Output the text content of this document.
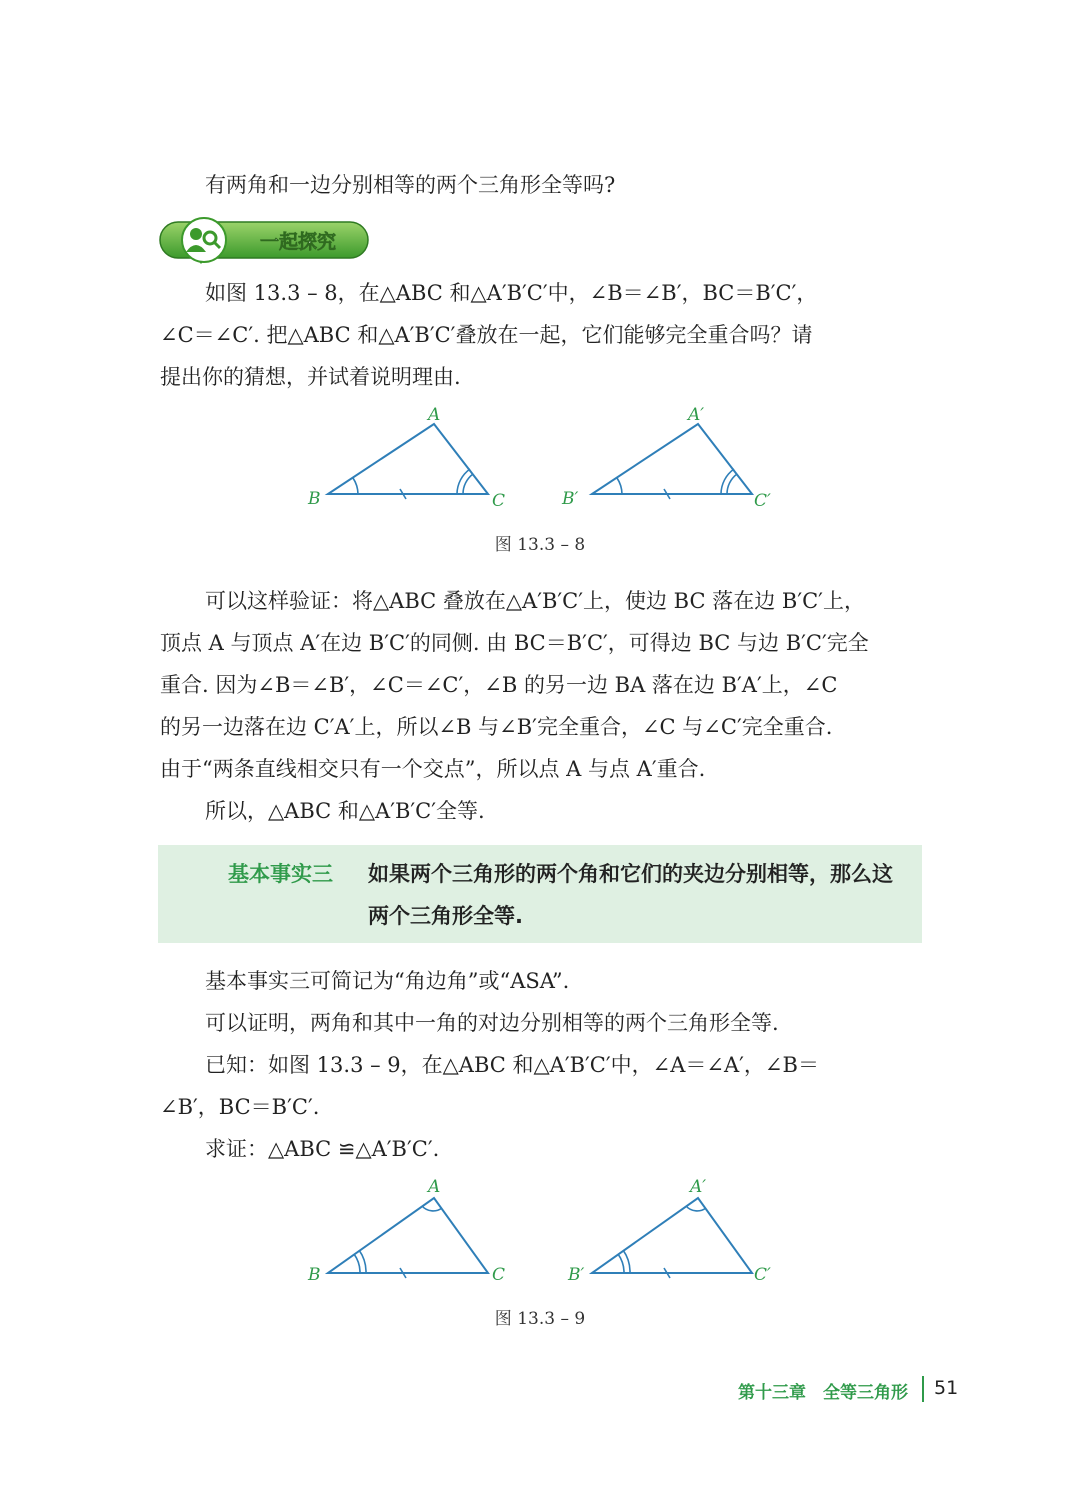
有两角和一边分别相等的两个三角形全等吗?
一起探究
如图 13.3 – 8，在△ABC 和△A′B′C′中，∠B＝∠B′，BC＝B′C′，
∠C＝∠C′. 把△ABC 和△A′B′C′叠放在一起，它们能够完全重合吗？请
提出你的猜想，并试着说明理由.
A
B	C
A′
B′	C′
图 13.3 – 8
可以这样验证：将△ABC 叠放在△A′B′C′上，使边 BC 落在边 B′C′上，
顶点 A 与顶点 A′在边 B′C′的同侧. 由 BC＝B′C′，可得边 BC 与边 B′C′完全
重合. 因为∠B＝∠B′，∠C＝∠C′，∠B 的另一边 BA 落在边 B′A′上，∠C
的另一边落在边 C′A′上，所以∠B 与∠B′完全重合，∠C 与∠C′完全重合.
由于“两条直线相交只有一个交点”，所以点 A 与点 A′重合.
所以，△ABC 和△A′B′C′全等.
基本事实三 如果两个三角形的两个角和它们的夹边分别相等，那么这两个三角形全等.
基本事实三可简记为“角边角”或“ASA”.
可以证明，两角和其中一角的对边分别相等的两个三角形全等.
已知：如图 13.3 – 9，在△ABC 和△A′B′C′中，∠A＝∠A′，∠B＝
∠B′，BC＝B′C′.
求证：△ABC ≌△A′B′C′.
A
B	C
A′
B′	C′
图 13.3 – 9
第十三章　全等三角形 51
